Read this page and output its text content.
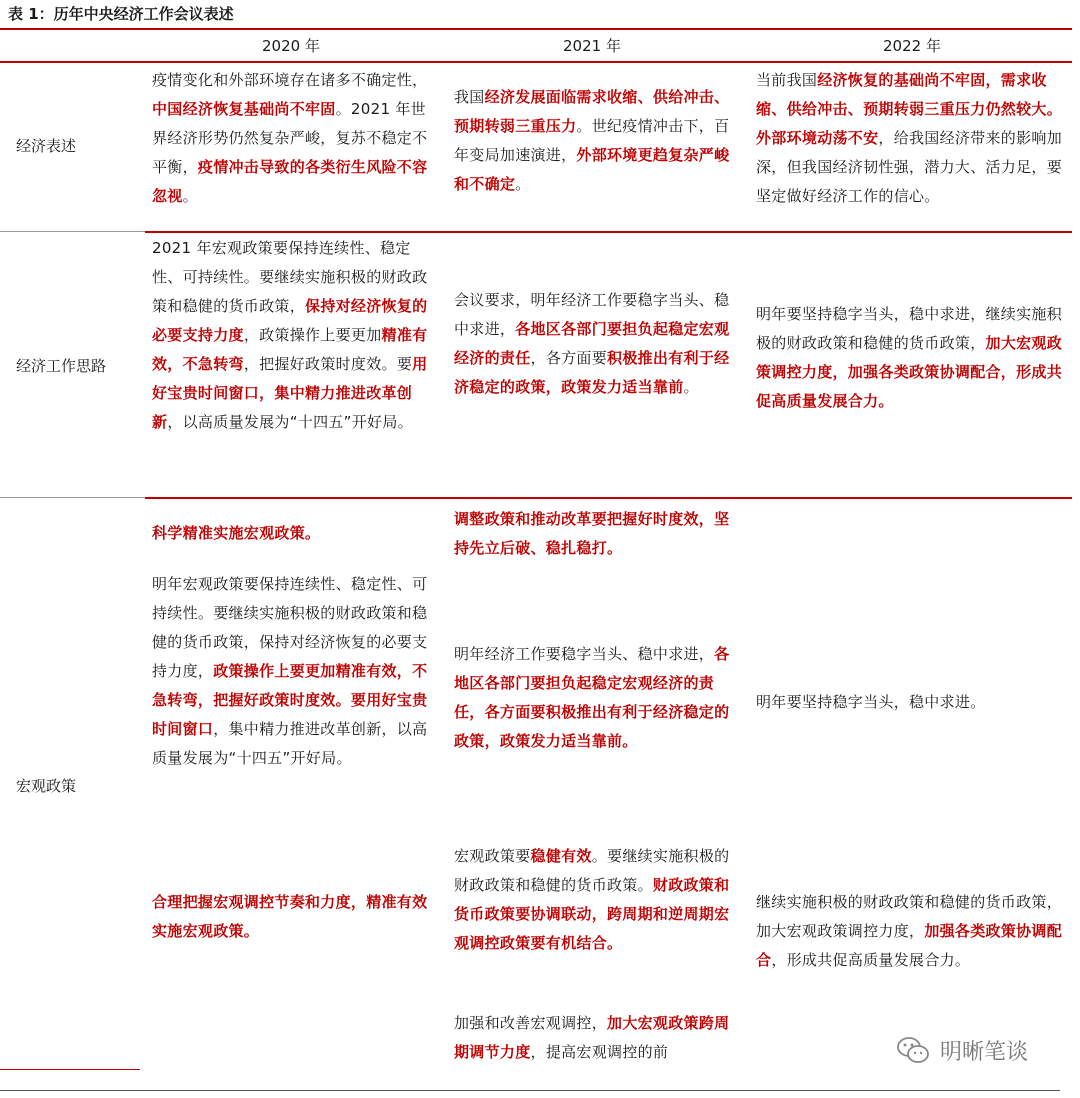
表 1：历年中央经济工作会议表述
2020 年	2021 年	2022 年
经济表述
疫情变化和外部环境存在诸多不确定性，中国经济恢复基础尚不牢固。2021 年世界经济形势仍然复杂严峻，复苏不稳定不平衡，疫情冲击导致的各类衍生风险不容忽视。
我国经济发展面临需求收缩、供给冲击、预期转弱三重压力。世纪疫情冲击下，百年变局加速演进，外部环境更趋复杂严峻和不确定。
当前我国经济恢复的基础尚不牢固，需求收缩、供给冲击、预期转弱三重压力仍然较大。外部环境动荡不安，给我国经济带来的影响加深，但我国经济韧性强，潜力大、活力足，要坚定做好经济工作的信心。
经济工作思路
2021 年宏观政策要保持连续性、稳定性、可持续性。要继续实施积极的财政政策和稳健的货币政策，保持对经济恢复的必要支持力度，政策操作上要更加精准有效，不急转弯，把握好政策时度效。要用好宝贵时间窗口，集中精力推进改革创新，以高质量发展为“十四五”开好局。
会议要求，明年经济工作要稳字当头、稳中求进，各地区各部门要担负起稳定宏观经济的责任，各方面要积极推出有利于经济稳定的政策，政策发力适当靠前。
明年要坚持稳字当头，稳中求进，继续实施积极的财政政策和稳健的货币政策，加大宏观政策调控力度，加强各类政策协调配合，形成共促高质量发展合力。
宏观政策
科学精准实施宏观政策。
明年宏观政策要保持连续性、稳定性、可持续性。要继续实施积极的财政政策和稳健的货币政策，保持对经济恢复的必要支持力度，政策操作上要更加精准有效，不急转弯，把握好政策时度效。要用好宝贵时间窗口，集中精力推进改革创新，以高质量发展为“十四五”开好局。
合理把握宏观调控节奏和力度，精准有效实施宏观政策。
调整政策和推动改革要把握好时度效，坚持先立后破、稳扎稳打。
明年经济工作要稳字当头、稳中求进，各地区各部门要担负起稳定宏观经济的责任，各方面要积极推出有利于经济稳定的政策，政策发力适当靠前。
宏观政策要稳健有效。要继续实施积极的财政政策和稳健的货币政策。财政政策和货币政策要协调联动，跨周期和逆周期宏观调控政策要有机结合。
加强和改善宏观调控，加大宏观政策跨周期调节力度，提高宏观调控的前
明年要坚持稳字当头，稳中求进。
继续实施积极的财政政策和稳健的货币政策，加大宏观政策调控力度，加强各类政策协调配合，形成共促高质量发展合力。
明晰笔谈
